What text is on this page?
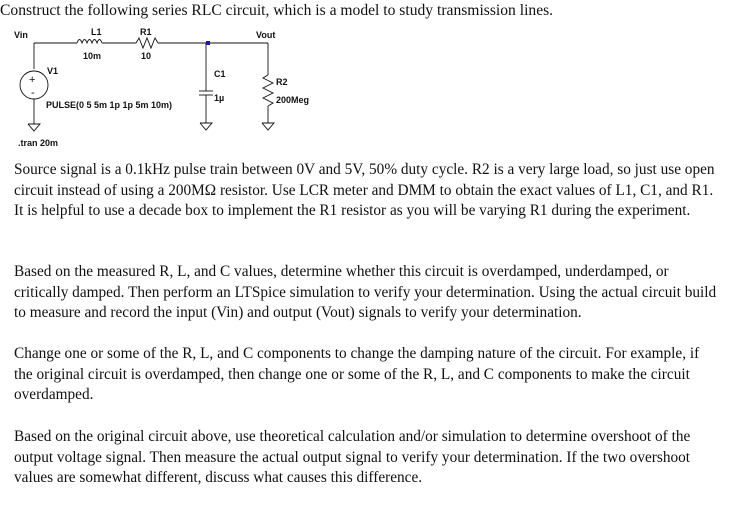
Construct the following series RLC circuit, which is a model to study transmission lines.
Vin	Vout
L1
10m
R1
10
V1
PULSE(0 5 5m 1p 1p 5m 10m)
C1
1µ
R2
200Meg
.tran 20m
+
-

Source signal is a 0.1kHz pulse train between 0V and 5V, 50% duty cycle. R2 is a very large load, so just use open circuit instead of using a 200MΩ resistor. Use LCR meter and DMM to obtain the exact values of L1, C1, and R1. It is helpful to use a decade box to implement the R1 resistor as you will be varying R1 during the experiment.

Based on the measured R, L, and C values, determine whether this circuit is overdamped, underdamped, or critically damped. Then perform an LTSpice simulation to verify your determination. Using the actual circuit build to measure and record the input (Vin) and output (Vout) signals to verify your determination.

Change one or some of the R, L, and C components to change the damping nature of the circuit. For example, if the original circuit is overdamped, then change one or some of the R, L, and C components to make the circuit overdamped.

Based on the original circuit above, use theoretical calculation and/or simulation to determine overshoot of the output voltage signal. Then measure the actual output signal to verify your determination. If the two overshoot values are somewhat different, discuss what causes this difference.
